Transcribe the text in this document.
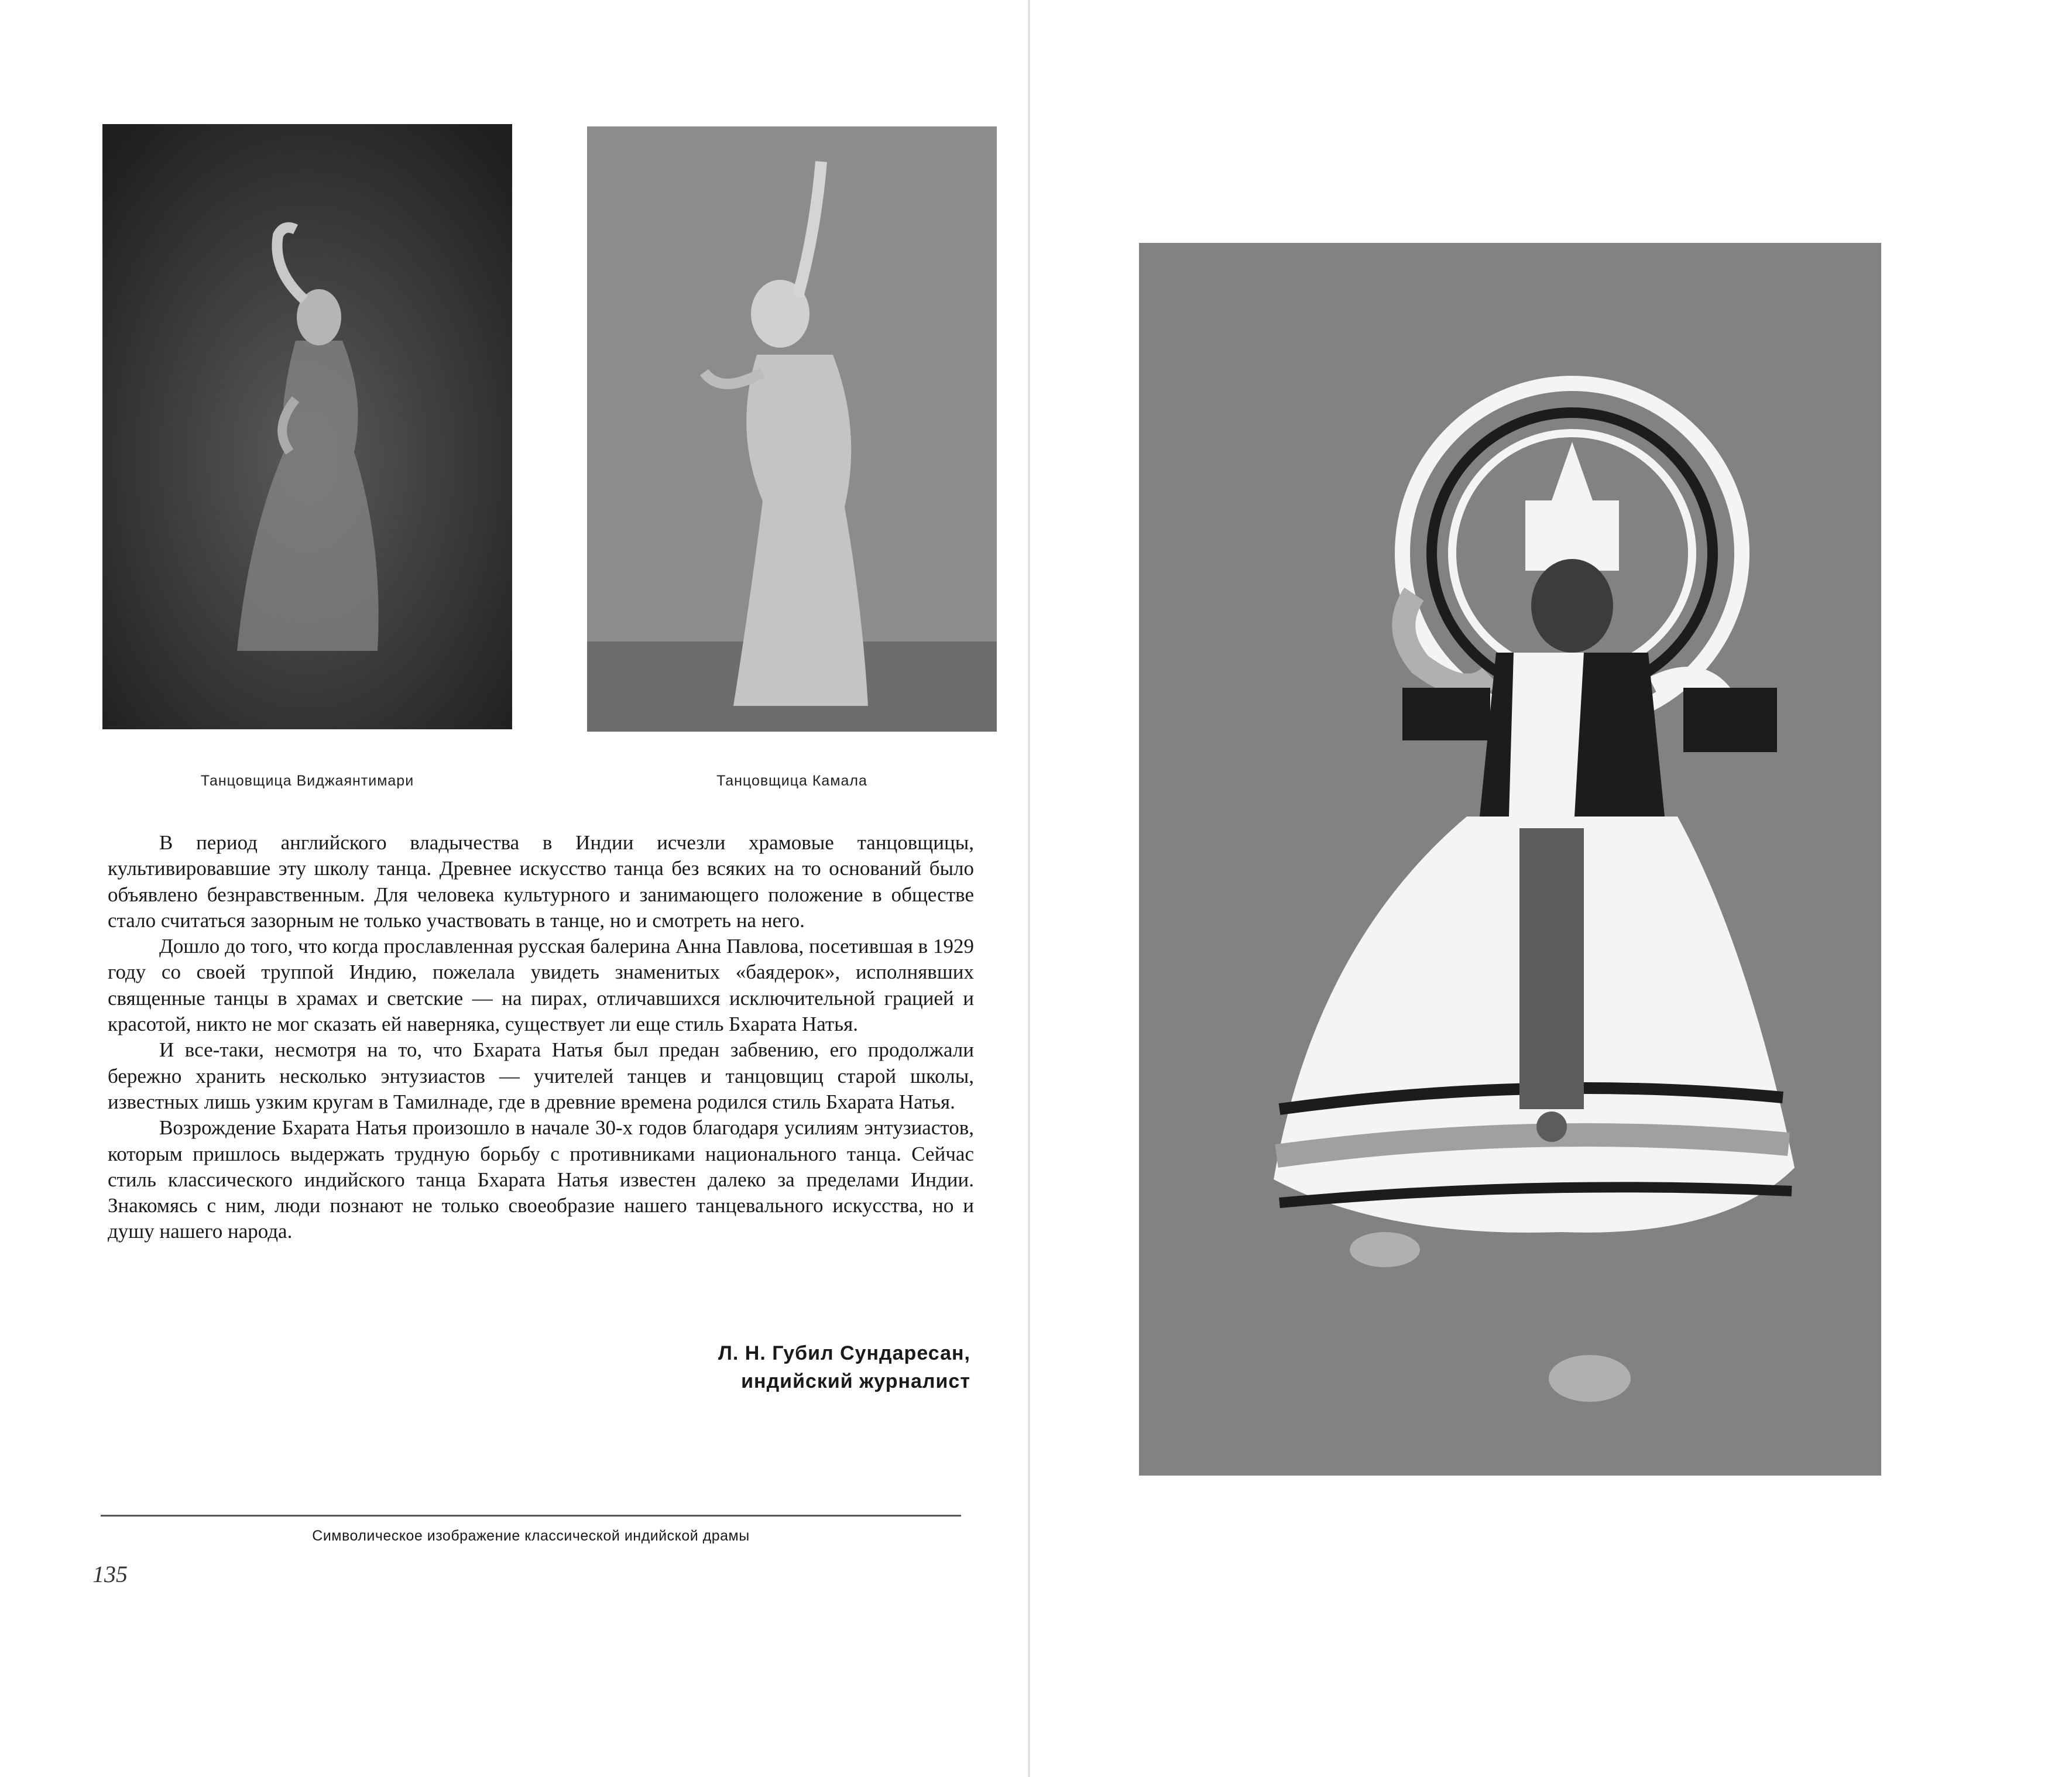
Танцовщица Виджаянтимари	Танцовщица Камала

В период английского владычества в Индии исчезли храмовые танцовщицы, культивировавшие эту школу танца. Древнее искусство танца без всяких на то оснований было объявлено безнравственным. Для человека культурного и занимающего положение в обществе стало считаться зазорным не только участвовать в танце, но и смотреть на него.

Дошло до того, что когда прославленная русская балерина Анна Павлова, посетившая в 1929 году со своей труппой Индию, пожелала увидеть знаменитых «баядерок», исполнявших священные танцы в храмах и светские — на пирах, отличавшихся исключительной грацией и красотой, никто не мог сказать ей наверняка, существует ли еще стиль Бхарата Натья.

И все-таки, несмотря на то, что Бхарата Натья был предан забвению, его продолжали бережно хранить несколько энтузиастов — учителей танцев и танцовщиц старой школы, известных лишь узким кругам в Тамилнаде, где в древние времена родился стиль Бхарата Натья.

Возрождение Бхарата Натья произошло в начале 30-х годов благодаря усилиям энтузиастов, которым пришлось выдержать трудную борьбу с противниками национального танца. Сейчас стиль классического индийского танца Бхарата Натья известен далеко за пределами Индии. Знакомясь с ним, люди познают не только своеобразие нашего танцевального искусства, но и душу нашего народа.

Л. Н. Губил Сундаресан,
индийский журналист
Символическое изображение классической индийской драмы
135
